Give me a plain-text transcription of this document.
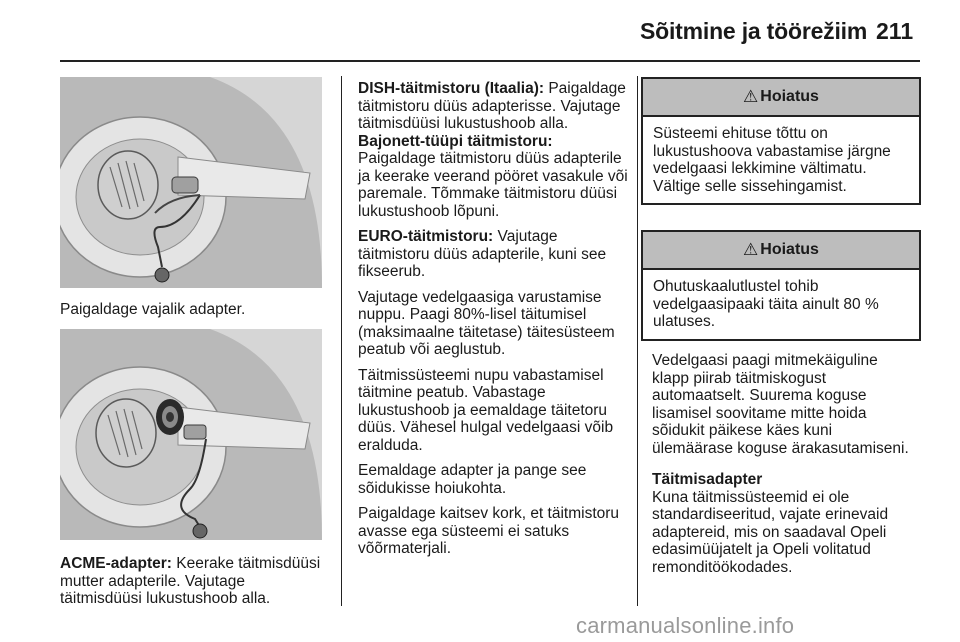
Sõitmine ja töörežiim 211

Paigaldage vajalik adapter.

ACME-adapter: Keerake täitmisdüüsi mutter adapterile. Vajutage täitmisdüüsi lukustushoob alla.

DISH-täitmistoru (Itaalia): Paigaldage täitmistoru düüs adapterisse. Vajutage täitmisdüüsi lukustushoob alla.

Bajonett-tüüpi täitmistoru:
Paigaldage täitmistoru düüs adapterile ja keerake veerand pööret vasakule või paremale. Tõmmake täitmistoru düüsi lukustushoob lõpuni.

EURO-täitmistoru: Vajutage täitmistoru düüs adapterile, kuni see fikseerub.

Vajutage vedelgaasiga varustamise nuppu. Paagi 80%-lisel täitumisel (maksimaalne täitetase) täitesüsteem peatub või aeglustub.

Täitmissüsteemi nupu vabastamisel täitmine peatub. Vabastage lukustushoob ja eemaldage täitetoru düüs. Vähesel hulgal vedelgaasi võib eralduda.

Eemaldage adapter ja pange see sõidukisse hoiukohta.

Paigaldage kaitsev kork, et täitmistoru avasse ega süsteemi ei satuks võõrmaterjali.

⚠ Hoiatus
Süsteemi ehituse tõttu on lukustushoova vabastamise järgne vedelgaasi lekkimine vältimatu. Vältige selle sissehingamist.
⚠ Hoiatus
Ohutuskaalutlustel tohib vedelgaasipaaki täita ainult 80 % ulatuses.

Vedelgaasi paagi mitmekäiguline klapp piirab täitmiskogust automaatselt. Suurema koguse lisamisel soovitame mitte hoida sõidukit päikese käes kuni ülemäärase koguse ärakasutamiseni.

Täitmisadapter
Kuna täitmissüsteemid ei ole standardiseeritud, vajate erinevaid adaptereid, mis on saadaval Opeli edasimüüjatelt ja Opeli volitatud remonditöökodades.

carmanualsonline.info
